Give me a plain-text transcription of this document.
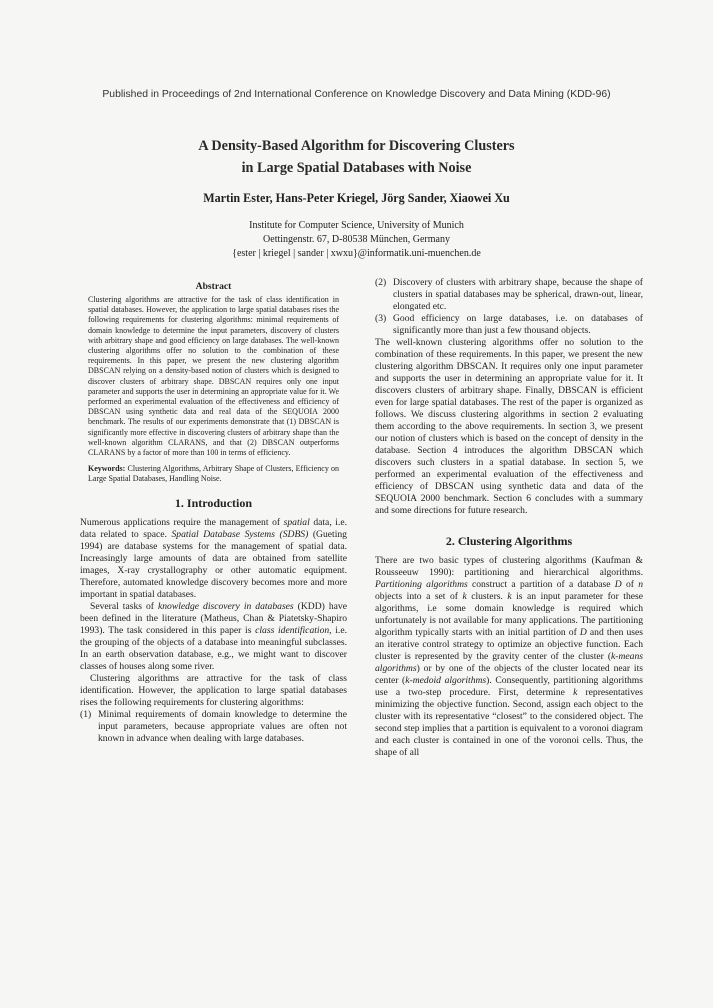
Published in Proceedings of 2nd International Conference on Knowledge Discovery and Data Mining (KDD-96)
A Density-Based Algorithm for Discovering Clusters
in Large Spatial Databases with Noise
Martin Ester, Hans-Peter Kriegel, Jörg Sander, Xiaowei Xu
Institute for Computer Science, University of Munich
Oettingenstr. 67, D-80538 München, Germany
{ester | kriegel | sander | xwxu}@informatik.uni-muenchen.de
Abstract

Clustering algorithms are attractive for the task of class identification in spatial databases. However, the application to large spatial databases rises the following requirements for clustering algorithms: minimal requirements of domain knowledge to determine the input parameters, discovery of clusters with arbitrary shape and good efficiency on large databases. The well-known clustering algorithms offer no solution to the combination of these requirements. In this paper, we present the new clustering algorithm DBSCAN relying on a density-based notion of clusters which is designed to discover clusters of arbitrary shape. DBSCAN requires only one input parameter and supports the user in determining an appropriate value for it. We performed an experimental evaluation of the effectiveness and efficiency of DBSCAN using synthetic data and real data of the SEQUOIA 2000 benchmark. The results of our experiments demonstrate that (1) DBSCAN is significantly more effective in discovering clusters of arbitrary shape than the well-known algorithm CLARANS, and that (2) DBSCAN outperforms CLARANS by a factor of more than 100 in terms of efficiency.

Keywords: Clustering Algorithms, Arbitrary Shape of Clusters, Efficiency on Large Spatial Databases, Handling Noise.

1. Introduction

Numerous applications require the management of spatial data, i.e. data related to space. Spatial Database Systems (SDBS) (Gueting 1994) are database systems for the management of spatial data. Increasingly large amounts of data are obtained from satellite images, X-ray crystallography or other automatic equipment. Therefore, automated knowledge discovery becomes more and more important in spatial databases.

Several tasks of knowledge discovery in databases (KDD) have been defined in the literature (Matheus, Chan & Piatetsky-Shapiro 1993). The task considered in this paper is class identification, i.e. the grouping of the objects of a database into meaningful subclasses. In an earth observation database, e.g., we might want to discover classes of houses along some river.

Clustering algorithms are attractive for the task of class identification. However, the application to large spatial databases rises the following requirements for clustering algorithms:

(1) Minimal requirements of domain knowledge to determine the input parameters, because appropriate values are often not known in advance when dealing with large databases.

(2) Discovery of clusters with arbitrary shape, because the shape of clusters in spatial databases may be spherical, drawn-out, linear, elongated etc.

(3) Good efficiency on large databases, i.e. on databases of significantly more than just a few thousand objects.

The well-known clustering algorithms offer no solution to the combination of these requirements. In this paper, we present the new clustering algorithm DBSCAN. It requires only one input parameter and supports the user in determining an appropriate value for it. It discovers clusters of arbitrary shape. Finally, DBSCAN is efficient even for large spatial databases. The rest of the paper is organized as follows. We discuss clustering algorithms in section 2 evaluating them according to the above requirements. In section 3, we present our notion of clusters which is based on the concept of density in the database. Section 4 introduces the algorithm DBSCAN which discovers such clusters in a spatial database. In section 5, we performed an experimental evaluation of the effectiveness and efficiency of DBSCAN using synthetic data and data of the SEQUOIA 2000 benchmark. Section 6 concludes with a summary and some directions for future research.

2. Clustering Algorithms

There are two basic types of clustering algorithms (Kaufman & Rousseeuw 1990): partitioning and hierarchical algorithms. Partitioning algorithms construct a partition of a database D of n objects into a set of k clusters. k is an input parameter for these algorithms, i.e some domain knowledge is required which unfortunately is not available for many applications. The partitioning algorithm typically starts with an initial partition of D and then uses an iterative control strategy to optimize an objective function. Each cluster is represented by the gravity center of the cluster (k-means algorithms) or by one of the objects of the cluster located near its center (k-medoid algorithms). Consequently, partitioning algorithms use a two-step procedure. First, determine k representatives minimizing the objective function. Second, assign each object to the cluster with its representative “closest” to the considered object. The second step implies that a partition is equivalent to a voronoi diagram and each cluster is contained in one of the voronoi cells. Thus, the shape of all
